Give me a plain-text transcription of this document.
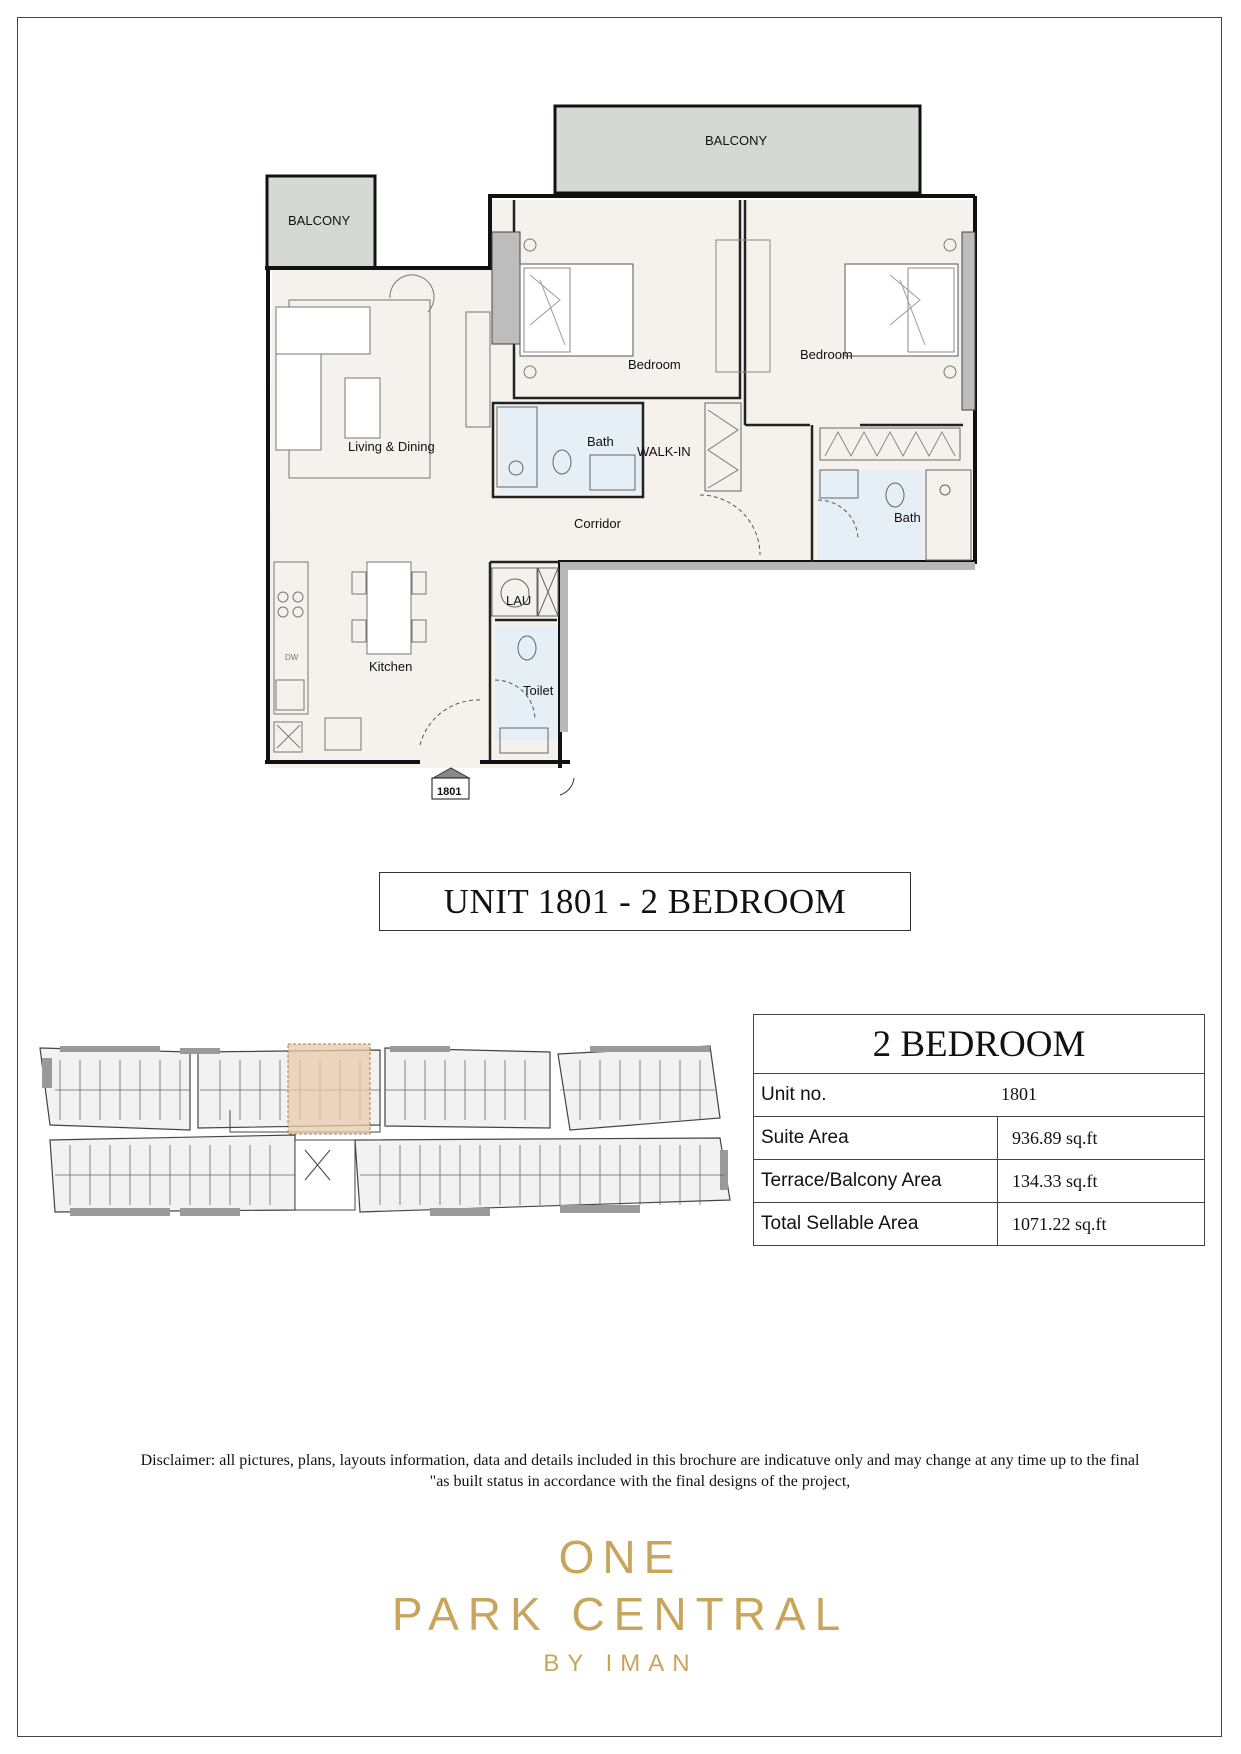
BALCONY
BALCONY
Bedroom
Bedroom
Living & Dining	Bath
WALK-IN
Bath
Corridor
LAU
Kitchen
Toilet
DW
1801
UNIT 1801 - 2 BEDROOM
2 BEDROOM	
Unit no. 1801	

Suite Area	936.89 sq.ft
Terrace/Balcony Area	134.33 sq.ft
Total Sellable Area	1071.22 sq.ft
Disclaimer: all pictures, plans, layouts information, data and details included in this brochure are indicatuve only and may change at any time up to the final
"as built status in accordance with the final designs of the project,
ONE
PARK CENTRAL
BY IMAN
